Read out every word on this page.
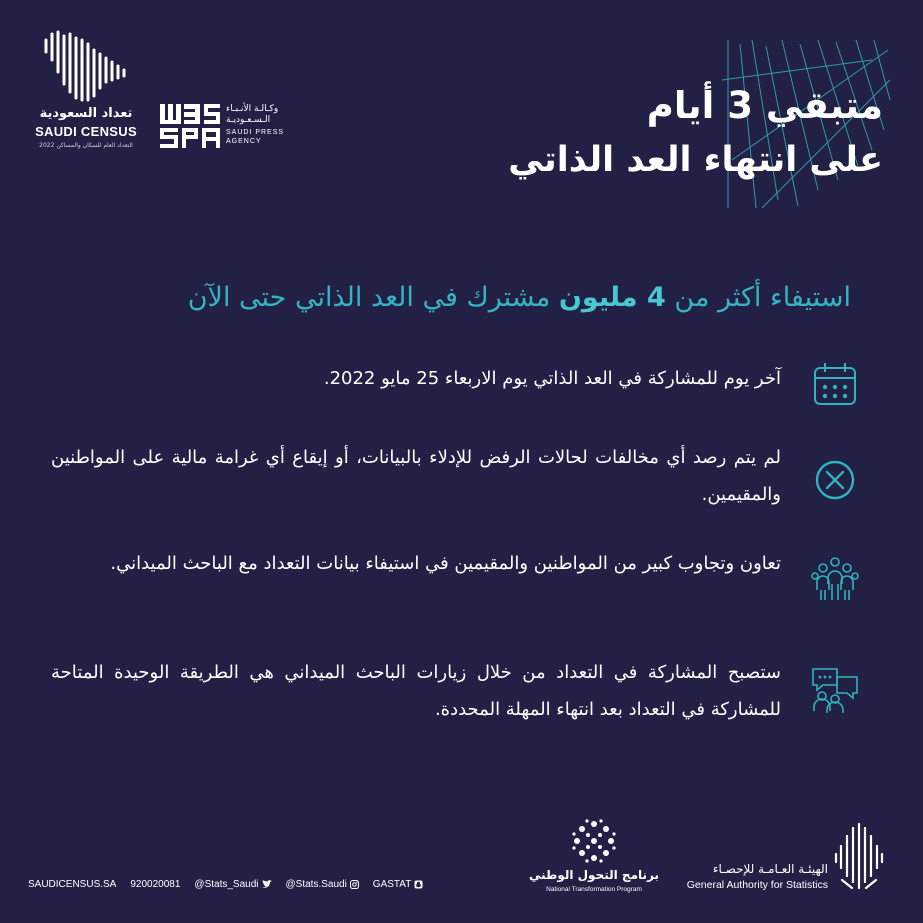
تعداد السعودية
SAUDI CENSUS
التعداد العام للسكان والمساكن 2022
وكـالـة الأنـبـاء
الـسـعـوديـة
SAUDI PRESS
AGENCY
متبقي 3 أيام
على انتهاء العد الذاتي
استيفاء أكثر من 4 مليون مشترك في العد الذاتي حتى الآن
آخر يوم للمشاركة في العد الذاتي يوم الاربعاء 25 مايو 2022.
لم يتم رصد أي مخالفات لحالات الرفض للإدلاء بالبيانات، أو إيقاع أي غرامة مالية على المواطنين والمقيمين.
تعاون وتجاوب كبير من المواطنين والمقيمين في استيفاء بيانات التعداد مع الباحث الميداني.
ستصبح المشاركة في التعداد من خلال زيارات الباحث الميداني هي الطريقة الوحيدة المتاحة للمشاركة في التعداد بعد انتهاء المهلة المحددة.
SAUDICENSUS.SA 920020081 @Stats_Saudi	@Stats.Saudi	GASTAT
برنامج التحول الوطني
National Transformation Program
الهيئـة العـامـة للإحصـاء
General Authority for Statistics
